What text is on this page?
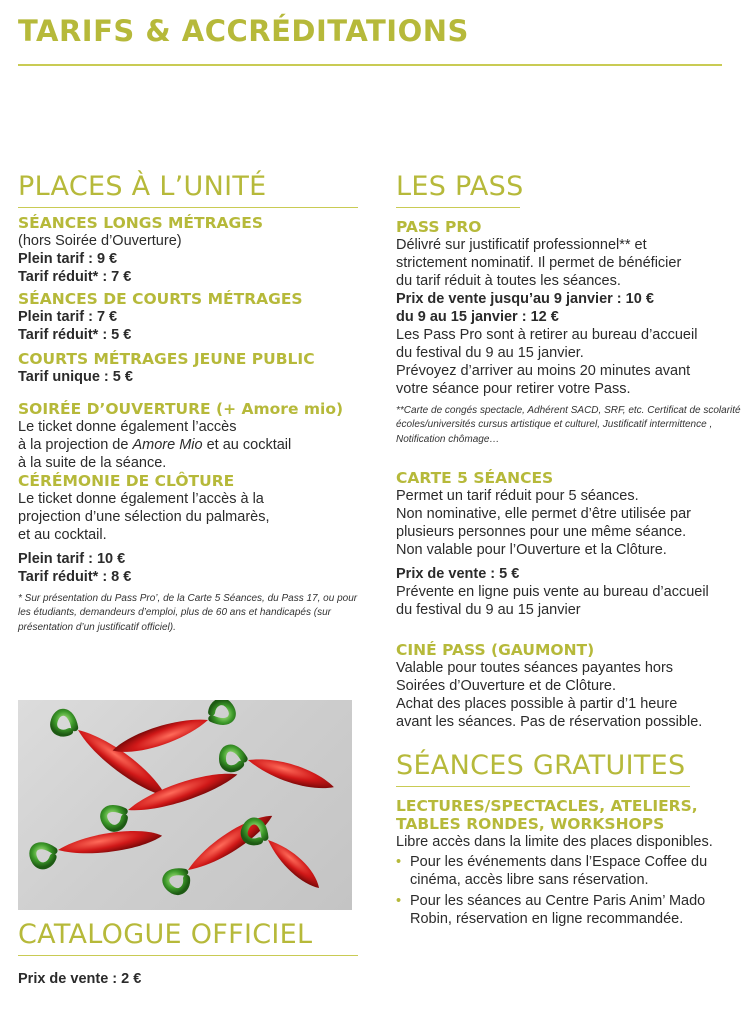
TARIFS & ACCRÉDITATIONS
PLACES À L’UNITÉ
SÉANCES LONGS MÉTRAGES

(hors Soirée d’Ouverture)

Plein tarif : 9 €

Tarif réduit* : 7 €

SÉANCES DE COURTS MÉTRAGES

Plein tarif : 7 €

Tarif réduit* : 5 €

COURTS MÉTRAGES JEUNE PUBLIC

Tarif unique : 5 €

SOIRÉE D’OUVERTURE (+ Amore mio)

Le ticket donne également l’accès

à la projection de Amore Mio et au cocktail

à la suite de la séance.

CÉRÉMONIE DE CLÔTURE

Le ticket donne également l’accès à la

projection d’une sélection du palmarès,

et au cocktail.

Plein tarif : 10 €

Tarif réduit* : 8 €

* Sur présentation du Pass Pro’, de la Carte 5 Séances, du Pass 17, ou pour les étudiants, demandeurs d’emploi, plus de 60 ans et handicapés (sur présentation d’un justificatif officiel).

CATALOGUE OFFICIEL

Prix de vente : 2 €

LES PASS
PASS PRO

Délivré sur justificatif professionnel** et

strictement nominatif. Il permet de bénéficier

du tarif réduit à toutes les séances.

Prix de vente jusqu’au 9 janvier : 10 €

du 9 au 15 janvier : 12 €

Les Pass Pro sont à retirer au bureau d’accueil

du festival du 9 au 15 janvier.

Prévoyez d’arriver au moins 20 minutes avant

votre séance pour retirer votre Pass.

**Carte de congés spectacle, Adhérent SACD, SRF, etc. Certificat de scolarité écoles/universités cursus artistique et culturel, Justificatif intermittence , Notification chômage…

CARTE 5 SÉANCES

Permet un tarif réduit pour 5 séances.

Non nominative, elle permet d’être utilisée par

plusieurs personnes pour une même séance.

Non valable pour l’Ouverture et la Clôture.

Prix de vente : 5 €

Prévente en ligne puis vente au bureau d’accueil

du festival du 9 au 15 janvier

CINÉ PASS (GAUMONT)

Valable pour toutes séances payantes hors

Soirées d’Ouverture et de Clôture.

Achat des places possible à partir d’1 heure

avant les séances. Pas de réservation possible.

SÉANCES GRATUITES
LECTURES/SPECTACLES, ATELIERS,
TABLES RONDES, WORKSHOPS

Libre accès dans la limite des places disponibles.

• Pour les événements dans l’Espace Coffee du cinéma, accès libre sans réservation.
• Pour les séances au Centre Paris Anim’ Mado Robin, réservation en ligne recommandée.
